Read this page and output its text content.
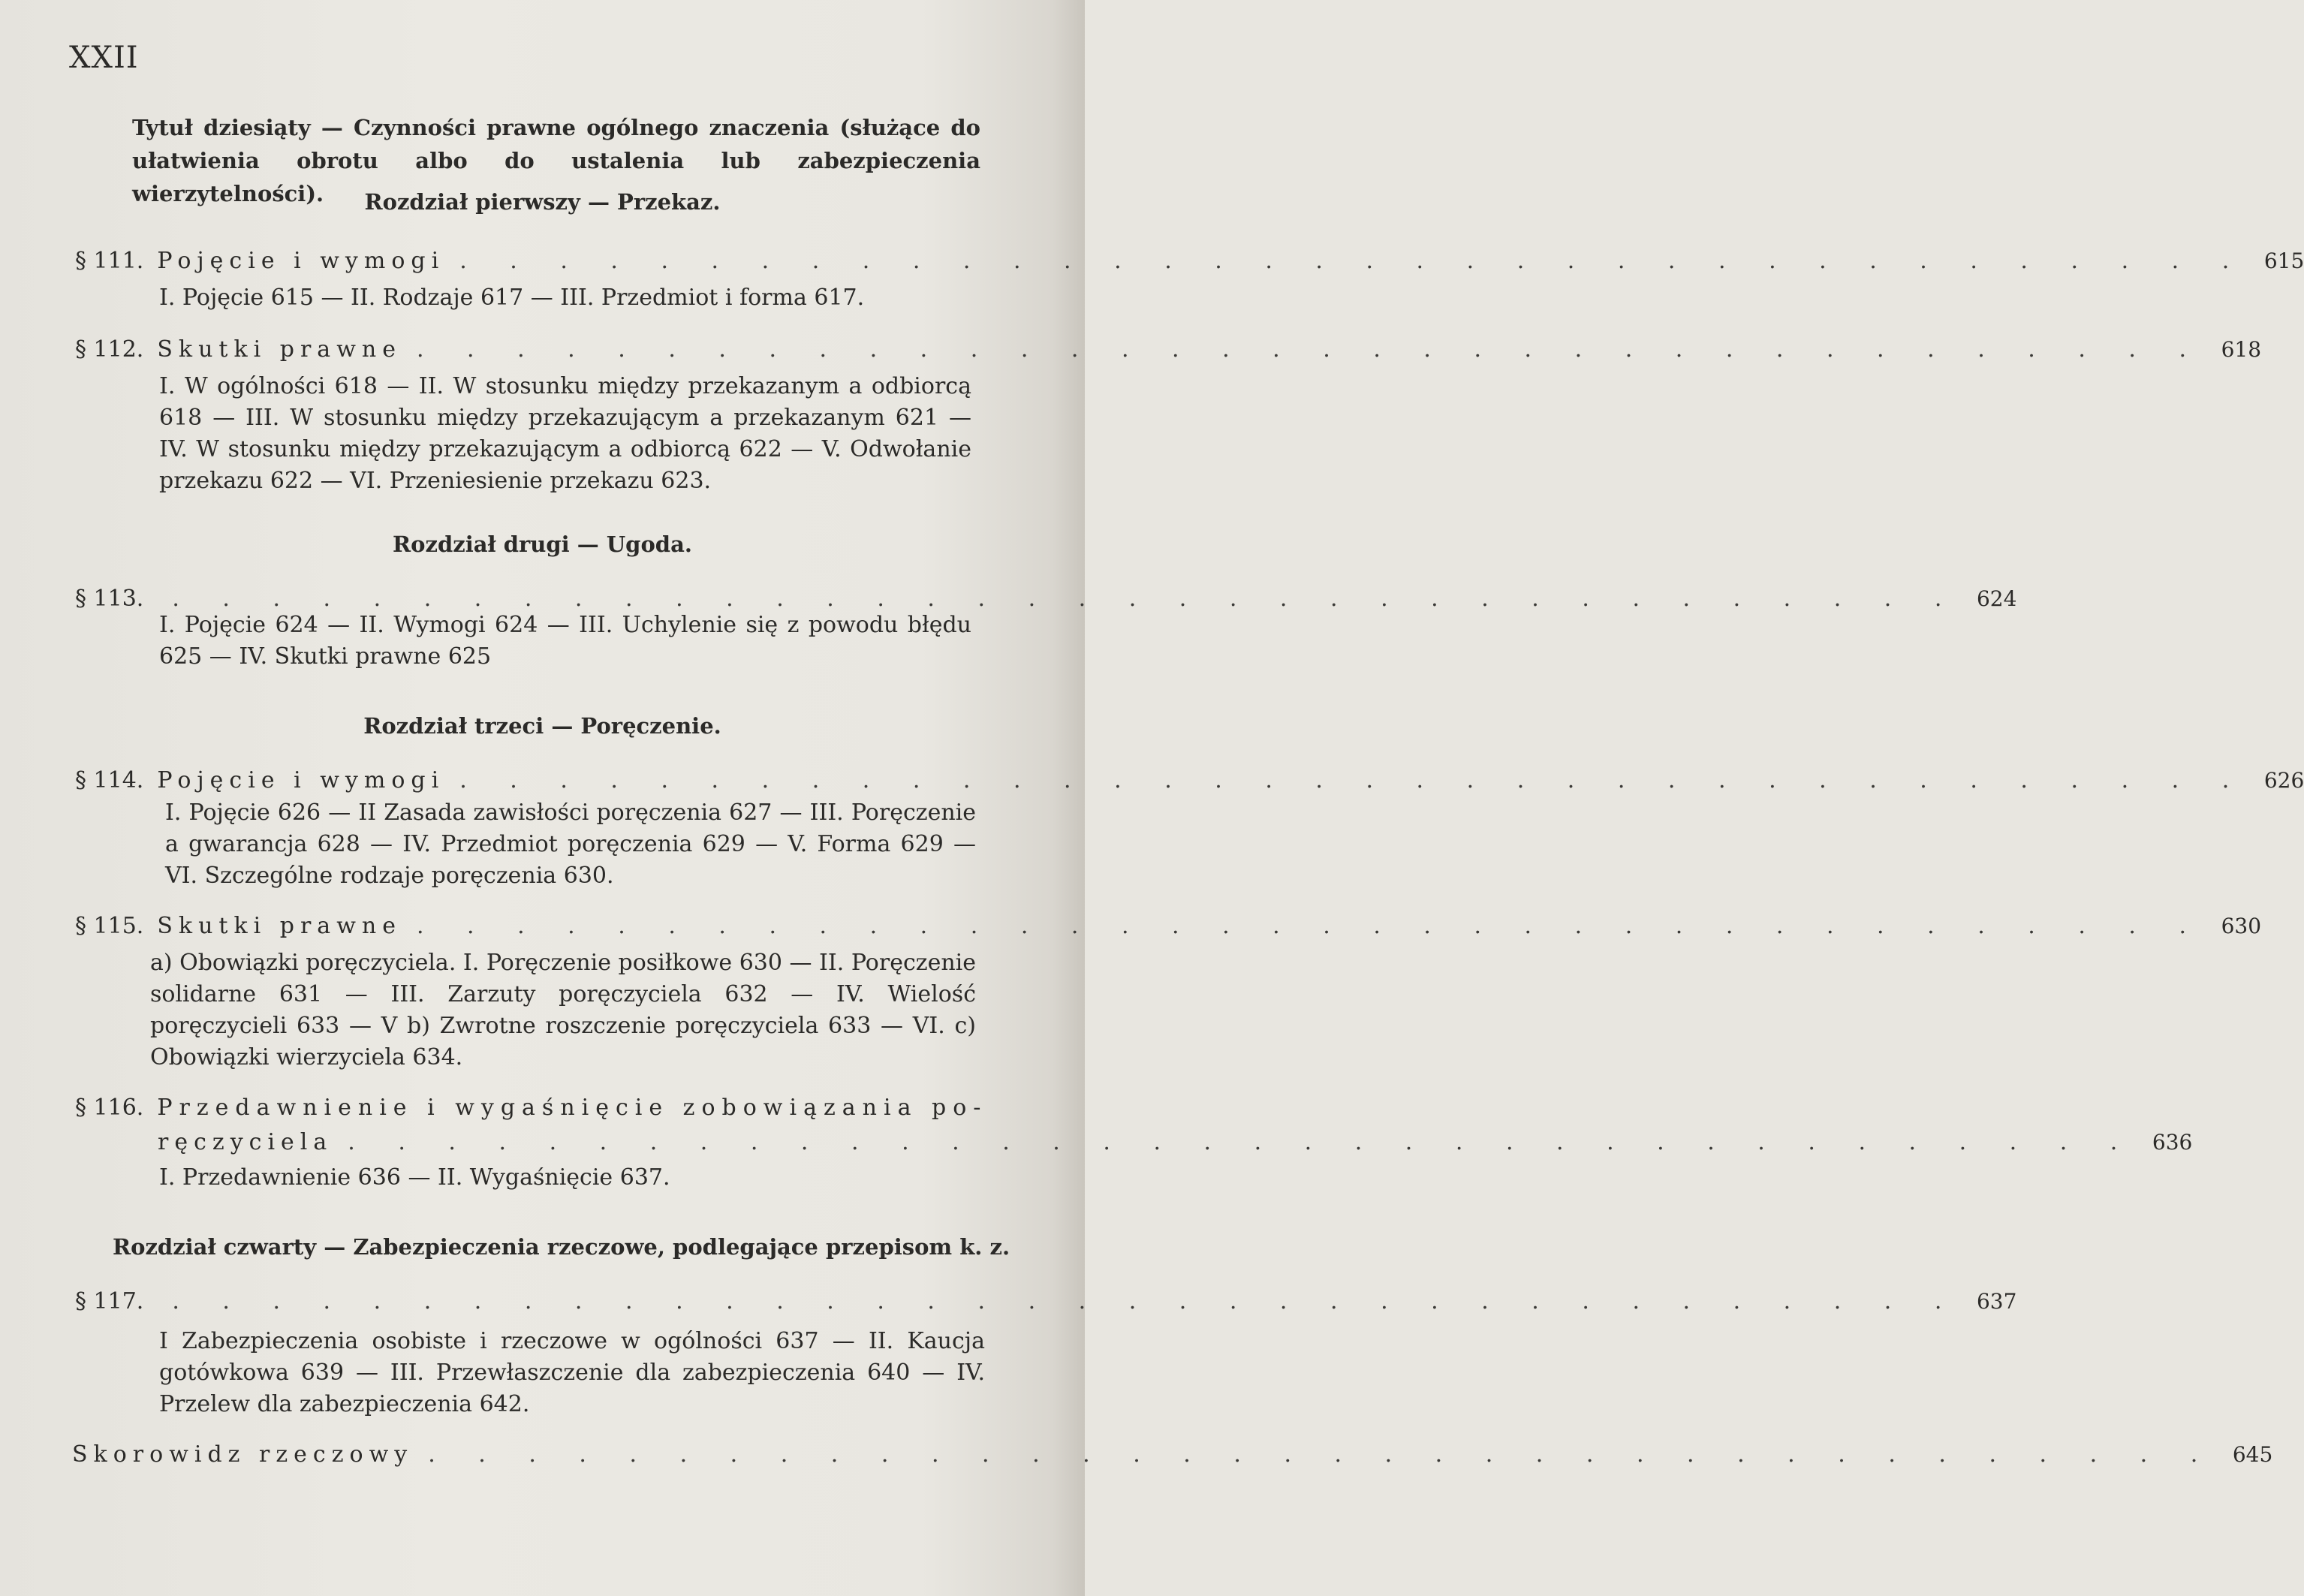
XXII
Tytuł dziesiąty — Czynności prawne ogólnego znaczenia (służące do ułatwienia obrotu albo do ustalenia lub zabezpieczenia wierzytelności).	Rozdział pierwszy — Przekaz.
§ 111. Pojęcie i wymogi . . . . . . . . . . . . . . . . . . . . . . . . . . . . . . . . . . . . 615
I. Pojęcie 615 — II. Rodzaje 617 — III. Przedmiot i forma 617.
§ 112. Skutki prawne . . . . . . . . . . . . . . . . . . . . . . . . . . . . . . . . . . . . 618
I. W ogólności 618 — II. W stosunku między przekazanym a odbiorcą 618 — III. W stosunku między przekazującym a przekazanym 621 — IV. W stosunku między przekazującym a odbiorcą 622 — V. Odwołanie przekazu 622 — VI. Przeniesienie przekazu 623.
Rozdział drugi — Ugoda.
§ 113. . . . . . . . . . . . . . . . . . . . . . . . . . . . . . . . . . . . . 624
I. Pojęcie 624 — II. Wymogi 624 — III. Uchylenie się z powodu błędu 625 — IV. Skutki prawne 625
Rozdział trzeci — Poręczenie.
§ 114. Pojęcie i wymogi . . . . . . . . . . . . . . . . . . . . . . . . . . . . . . . . . . . . 626
I. Pojęcie 626 — II Zasada zawisłości poręczenia 627 — III. Poręczenie a gwarancja 628 — IV. Przedmiot poręczenia 629 — V. Forma 629 — VI. Szczególne rodzaje poręczenia 630.
§ 115. Skutki prawne . . . . . . . . . . . . . . . . . . . . . . . . . . . . . . . . . . . . 630
a) Obowiązki poręczyciela. I. Poręczenie posiłkowe 630 — II. Poręczenie solidarne 631 — III. Zarzuty poręczyciela 632 — IV. Wielość poręczycieli 633 — V b) Zwrotne roszczenie poręczyciela 633 — VI. c) Obowiązki wierzyciela 634.
§ 116. Przedawnienie i wygaśnięcie zobowiązania po-
ręczyciela . . . . . . . . . . . . . . . . . . . . . . . . . . . . . . . . . . . . 636
I. Przedawnienie 636 — II. Wygaśnięcie 637.
Rozdział czwarty — Zabezpieczenia rzeczowe, podlegające przepisom k. z.
§ 117. . . . . . . . . . . . . . . . . . . . . . . . . . . . . . . . . . . . . 637
I Zabezpieczenia osobiste i rzeczowe w ogólności 637 — II. Kaucja gotówkowa 639 — III. Przewłaszczenie dla zabezpieczenia 640 — IV. Przelew dla zabezpieczenia 642.
Skorowidz rzeczowy . . . . . . . . . . . . . . . . . . . . . . . . . . . . . . . . . . . . 645
